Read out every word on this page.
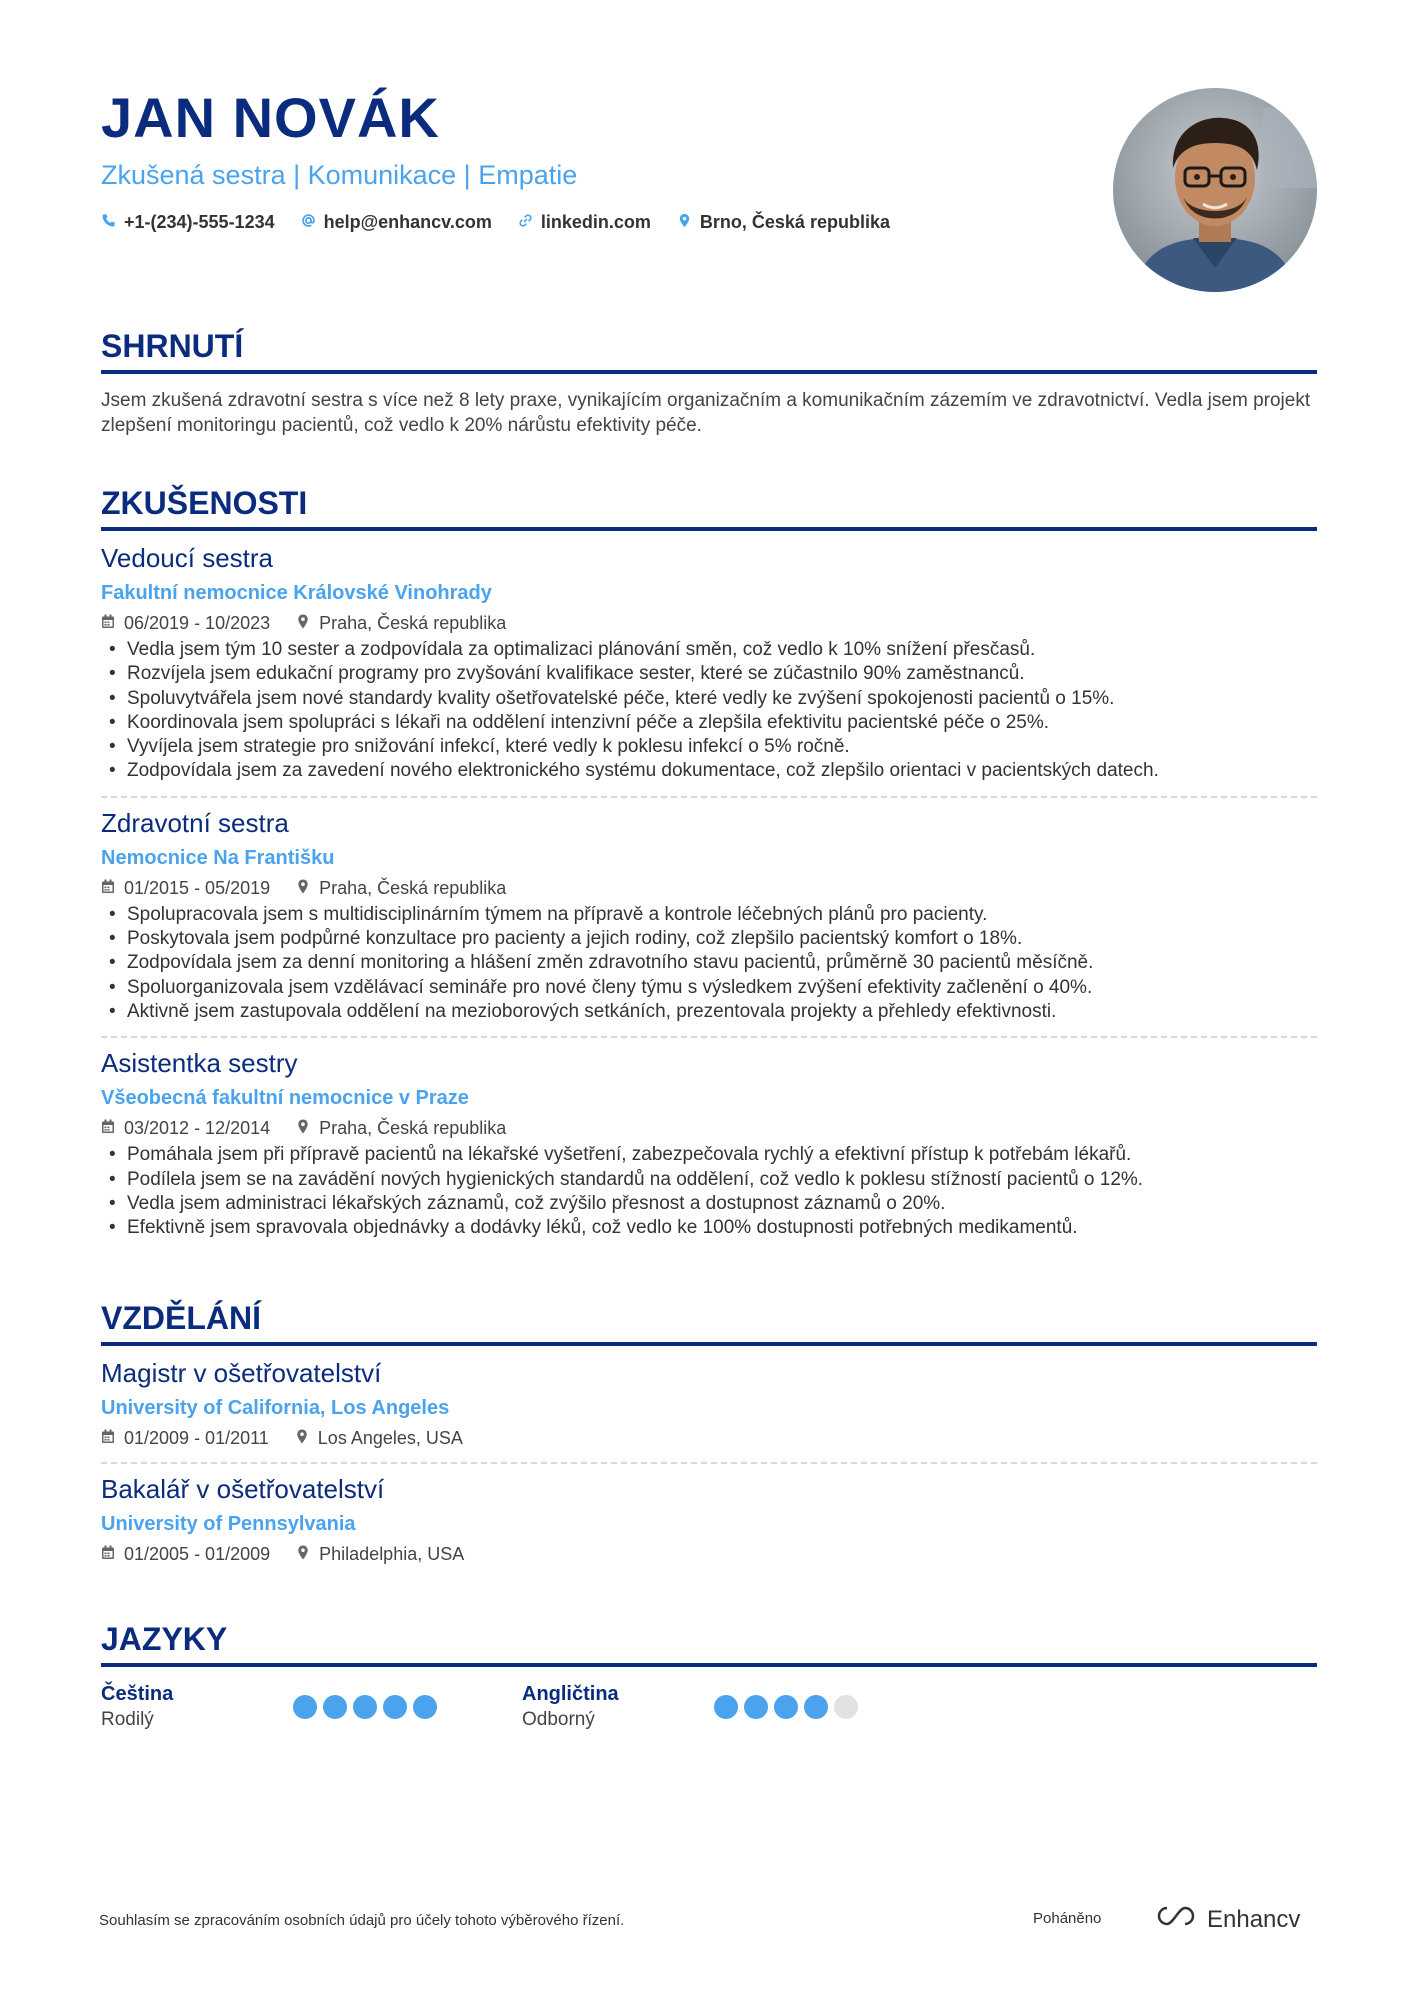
JAN NOVÁK
Zkušená sestra | Komunikace | Empatie
+1-(234)-555-1234	help@enhancv.com	linkedin.com	Brno, Česká republika
SHRNUTÍ
Jsem zkušená zdravotní sestra s více než 8 lety praxe, vynikajícím organizačním a komunikačním zázemím ve zdravotnictví. Vedla jsem projekt zlepšení monitoringu pacientů, což vedlo k 20% nárůstu efektivity péče.
ZKUŠENOSTI
Vedoucí sestra
Fakultní nemocnice Královské Vinohrady
06/2019 - 10/2023	Praha, Česká republika
• Vedla jsem tým 10 sester a zodpovídala za optimalizaci plánování směn, což vedlo k 10% snížení přesčasů.
• Rozvíjela jsem edukační programy pro zvyšování kvalifikace sester, které se zúčastnilo 90% zaměstnanců.
• Spoluvytvářela jsem nové standardy kvality ošetřovatelské péče, které vedly ke zvýšení spokojenosti pacientů o 15%.
• Koordinovala jsem spolupráci s lékaři na oddělení intenzivní péče a zlepšila efektivitu pacientské péče o 25%.
• Vyvíjela jsem strategie pro snižování infekcí, které vedly k poklesu infekcí o 5% ročně.
• Zodpovídala jsem za zavedení nového elektronického systému dokumentace, což zlepšilo orientaci v pacientských datech.
Zdravotní sestra
Nemocnice Na Františku
01/2015 - 05/2019	Praha, Česká republika
• Spolupracovala jsem s multidisciplinárním týmem na přípravě a kontrole léčebných plánů pro pacienty.
• Poskytovala jsem podpůrné konzultace pro pacienty a jejich rodiny, což zlepšilo pacientský komfort o 18%.
• Zodpovídala jsem za denní monitoring a hlášení změn zdravotního stavu pacientů, průměrně 30 pacientů měsíčně.
• Spoluorganizovala jsem vzdělávací semináře pro nové členy týmu s výsledkem zvýšení efektivity začlenění o 40%.
• Aktivně jsem zastupovala oddělení na mezioborových setkáních, prezentovala projekty a přehledy efektivnosti.
Asistentka sestry
Všeobecná fakultní nemocnice v Praze
03/2012 - 12/2014	Praha, Česká republika
• Pomáhala jsem při přípravě pacientů na lékařské vyšetření, zabezpečovala rychlý a efektivní přístup k potřebám lékařů.
• Podílela jsem se na zavádění nových hygienických standardů na oddělení, což vedlo k poklesu stížností pacientů o 12%.
• Vedla jsem administraci lékařských záznamů, což zvýšilo přesnost a dostupnost záznamů o 20%.
• Efektivně jsem spravovala objednávky a dodávky léků, což vedlo ke 100% dostupnosti potřebných medikamentů.
VZDĚLÁNÍ
Magistr v ošetřovatelství
University of California, Los Angeles
01/2009 - 01/2011	Los Angeles, USA
Bakalář v ošetřovatelství
University of Pennsylvania
01/2005 - 01/2009	Philadelphia, USA
JAZYKY
Čeština
Rodilý
Angličtina
Odborný
Souhlasím se zpracováním osobních údajů pro účely tohoto výběrového řízení.	Poháněno	Enhancv
